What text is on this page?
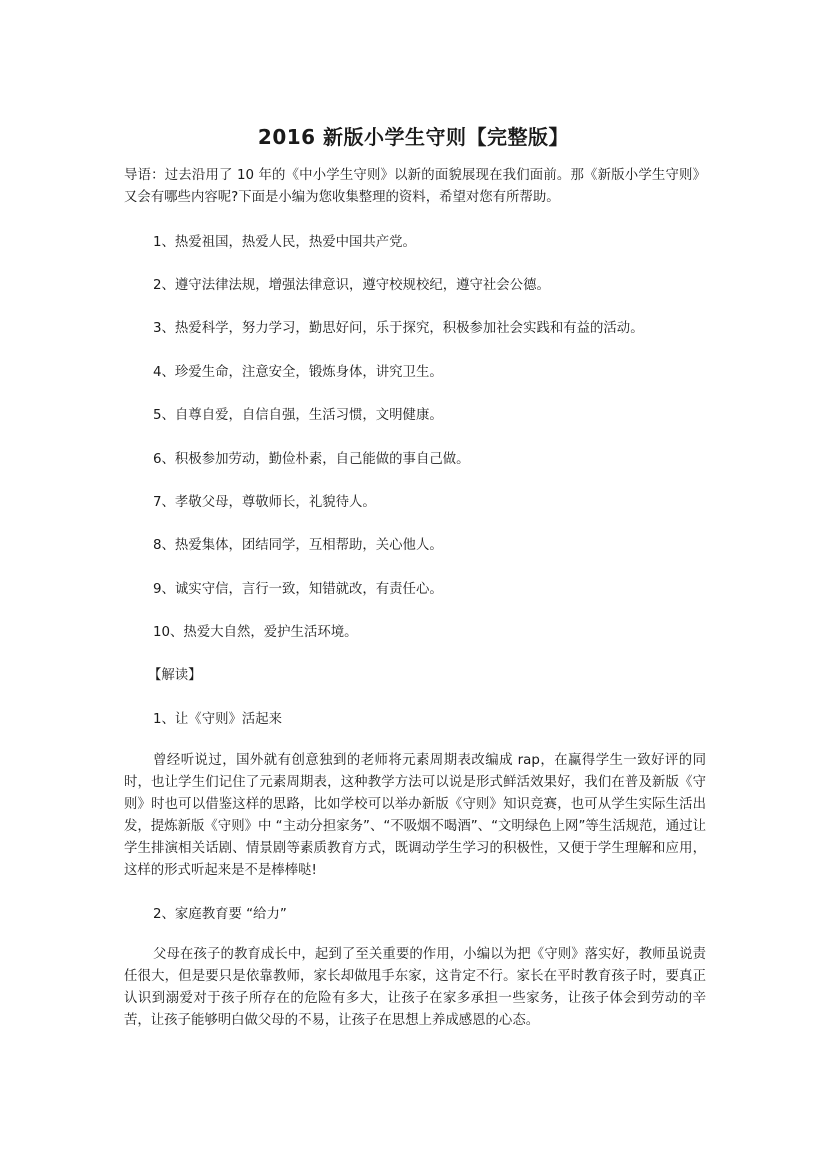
2016 新版小学生守则【完整版】
导语：过去沿用了 10 年的《中小学生守则》以新的面貌展现在我们面前。那《新版小学生守则》又会有哪些内容呢?下面是小编为您收集整理的资料，希望对您有所帮助。
1、热爱祖国，热爱人民，热爱中国共产党。
2、遵守法律法规，增强法律意识，遵守校规校纪，遵守社会公德。
3、热爱科学，努力学习，勤思好问，乐于探究，积极参加社会实践和有益的活动。
4、珍爱生命，注意安全，锻炼身体，讲究卫生。
5、自尊自爱，自信自强，生活习惯，文明健康。
6、积极参加劳动，勤俭朴素，自己能做的事自己做。
7、孝敬父母，尊敬师长，礼貌待人。
8、热爱集体，团结同学，互相帮助，关心他人。
9、诚实守信，言行一致，知错就改，有责任心。
10、热爱大自然，爱护生活环境。
【解读】
1、让《守则》活起来
曾经听说过，国外就有创意独到的老师将元素周期表改编成 rap，在赢得学生一致好评的同时，也让学生们记住了元素周期表，这种教学方法可以说是形式鲜活效果好，我们在普及新版《守则》时也可以借鉴这样的思路，比如学校可以举办新版《守则》知识竞赛，也可从学生实际生活出发，提炼新版《守则》中 “主动分担家务”、“不吸烟不喝酒”、“文明绿色上网”等生活规范，通过让学生排演相关话剧、情景剧等素质教育方式，既调动学生学习的积极性，又便于学生理解和应用，这样的形式听起来是不是棒棒哒!
2、家庭教育要 “给力”
父母在孩子的教育成长中，起到了至关重要的作用，小编以为把《守则》落实好，教师虽说责任很大，但是要只是依靠教师，家长却做甩手东家，这肯定不行。家长在平时教育孩子时，要真正认识到溺爱对于孩子所存在的危险有多大，让孩子在家多承担一些家务，让孩子体会到劳动的辛苦，让孩子能够明白做父母的不易，让孩子在思想上养成感恩的心态。
